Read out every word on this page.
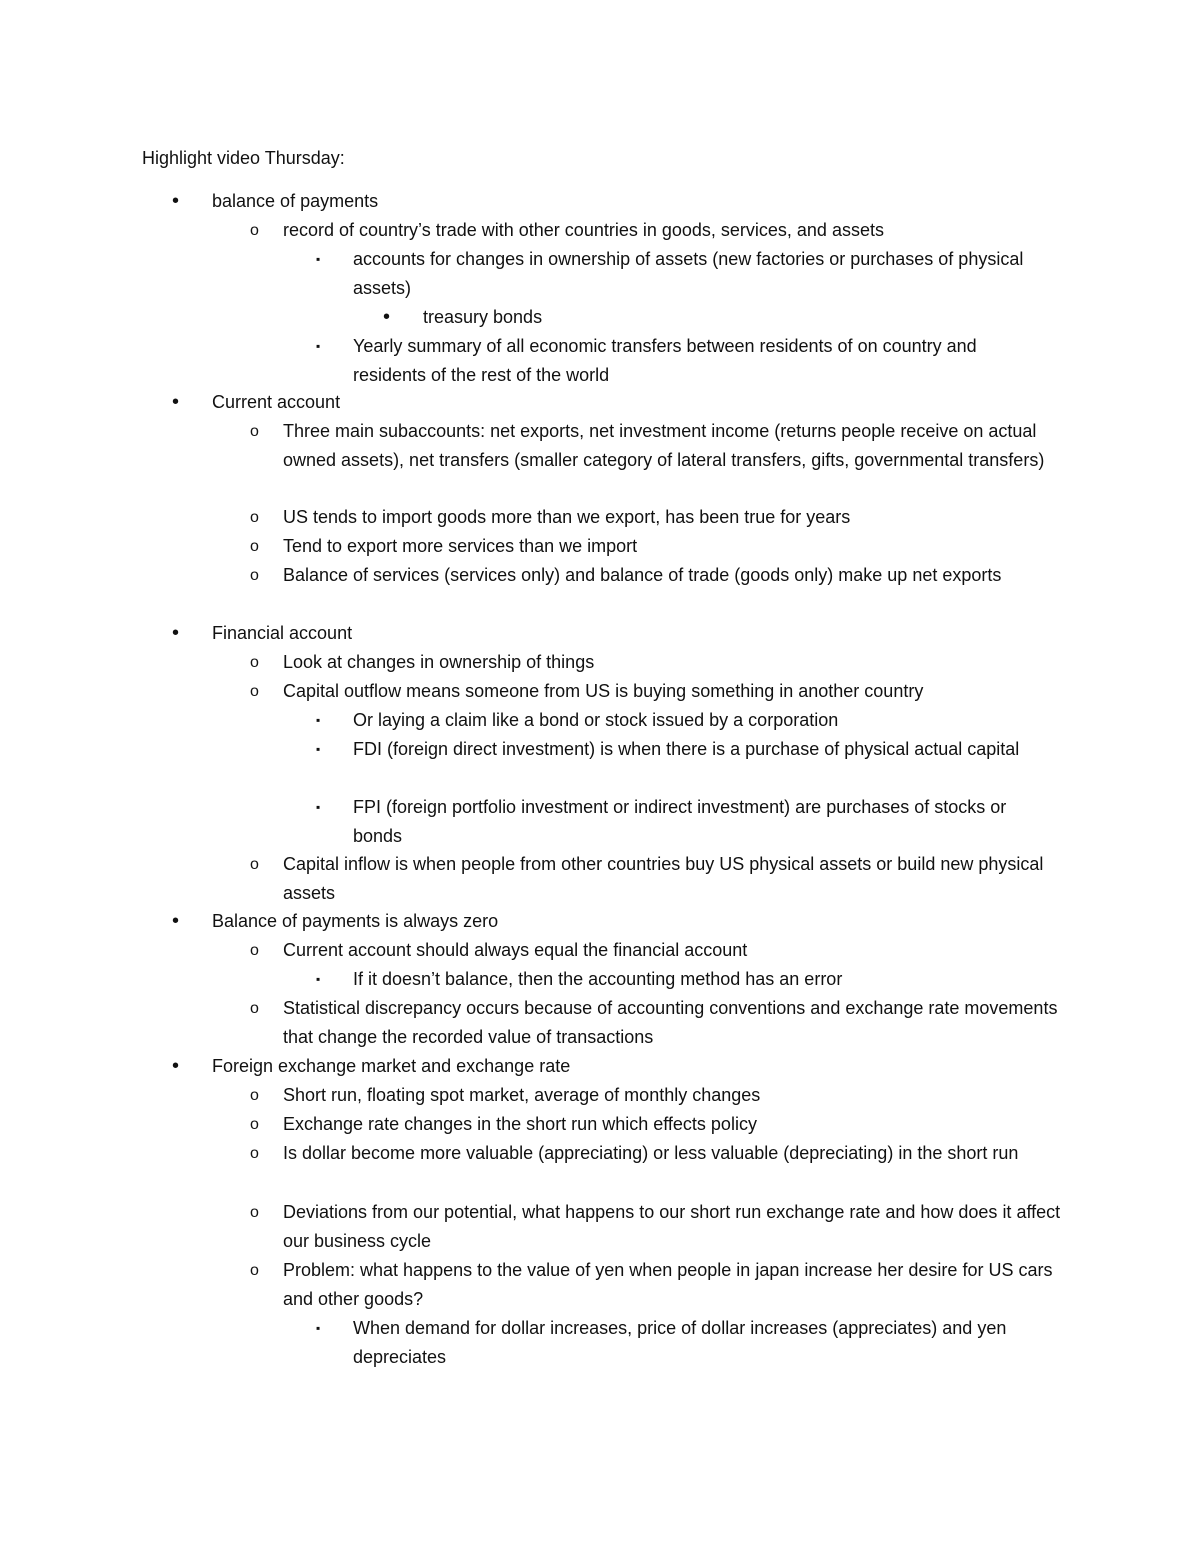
Highlight video Thursday:
• balance of payments
o record of country’s trade with other countries in goods, services, and assets
▪ accounts for changes in ownership of assets (new factories or purchases of physical assets)
• treasury bonds
▪ Yearly summary of all economic transfers between residents of on country and residents of the rest of the world
• Current account
o Three main subaccounts: net exports, net investment income (returns people receive on actual owned assets), net transfers (smaller category of lateral transfers, gifts, governmental transfers)
o US tends to import goods more than we export, has been true for years
o Tend to export more services than we import
o Balance of services (services only) and balance of trade (goods only) make up net exports
• Financial account
o Look at changes in ownership of things
o Capital outflow means someone from US is buying something in another country
▪ Or laying a claim like a bond or stock issued by a corporation
▪ FDI (foreign direct investment) is when there is a purchase of physical actual capital
▪ FPI (foreign portfolio investment or indirect investment) are purchases of stocks or bonds
o Capital inflow is when people from other countries buy US physical assets or build new physical assets
• Balance of payments is always zero
o Current account should always equal the financial account
▪ If it doesn’t balance, then the accounting method has an error
o Statistical discrepancy occurs because of accounting conventions and exchange rate movements that change the recorded value of transactions
• Foreign exchange market and exchange rate
o Short run, floating spot market, average of monthly changes
o Exchange rate changes in the short run which effects policy
o Is dollar become more valuable (appreciating) or less valuable (depreciating) in the short run
o Deviations from our potential, what happens to our short run exchange rate and how does it affect our business cycle
o Problem: what happens to the value of yen when people in japan increase her desire for US cars and other goods?
▪ When demand for dollar increases, price of dollar increases (appreciates) and yen depreciates
